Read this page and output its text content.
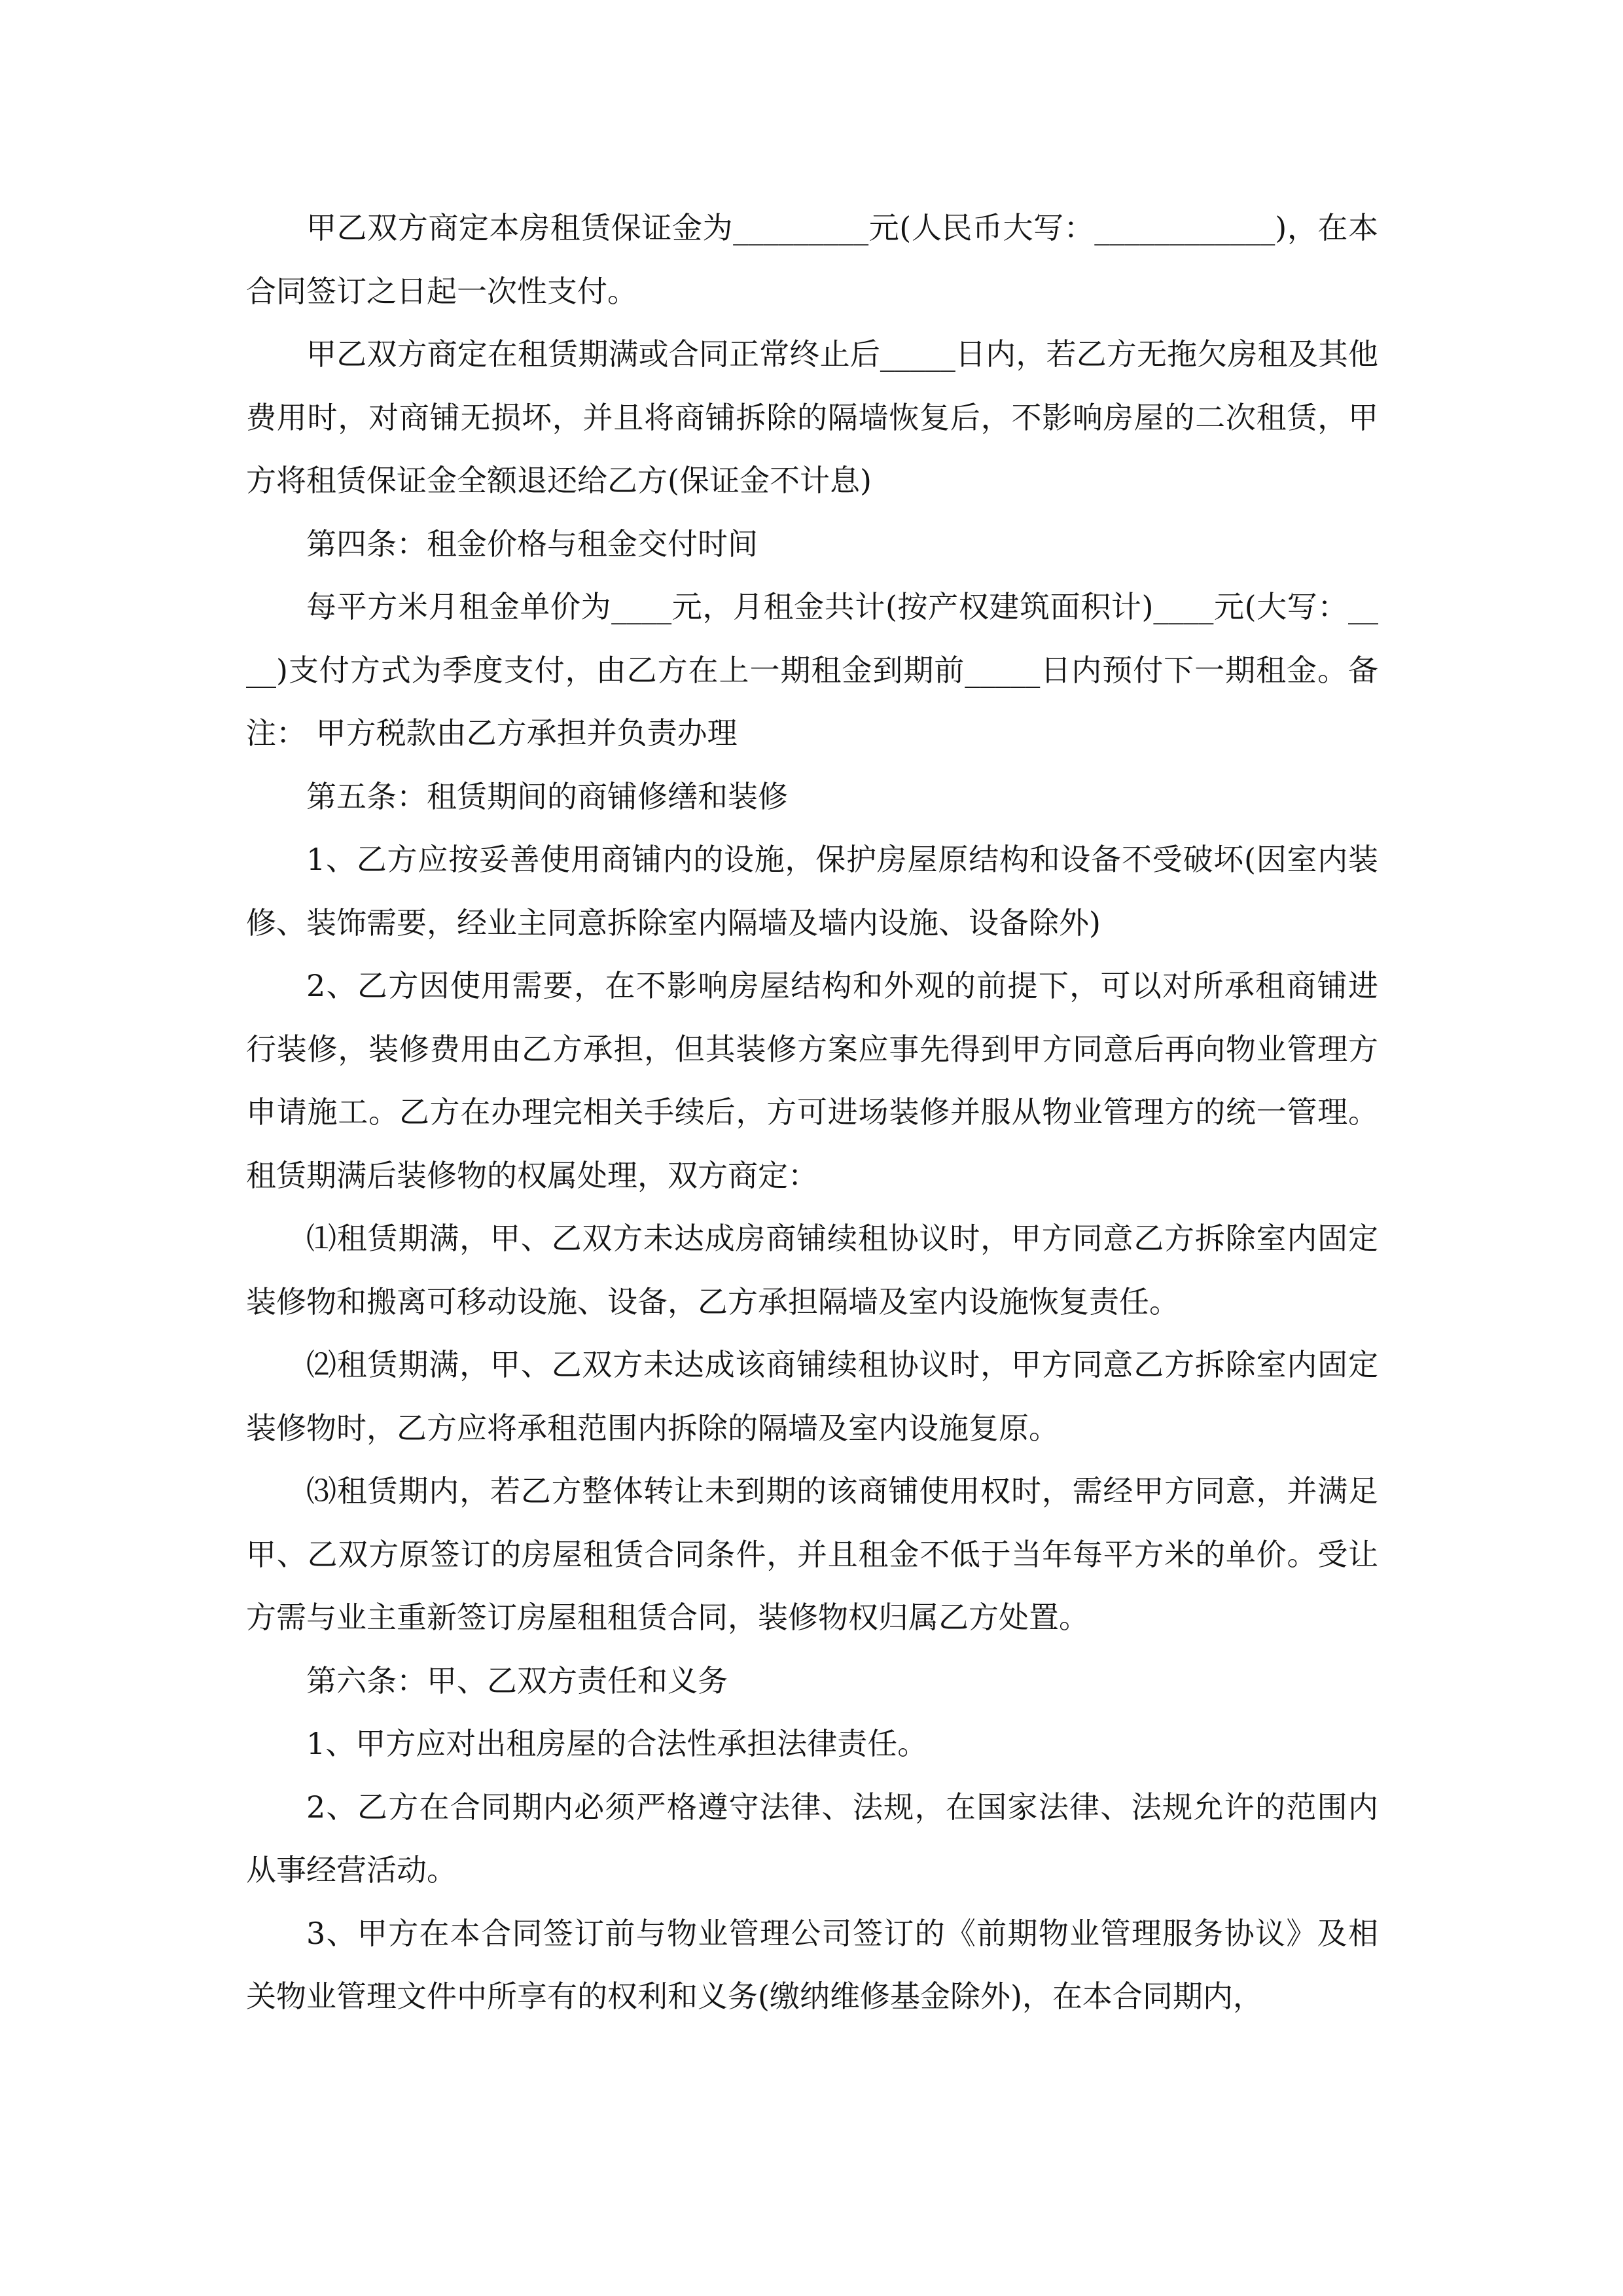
甲乙双方商定本房租赁保证金为_________元(人民币大写：____________)，在本合同签订之日起一次性支付。

甲乙双方商定在租赁期满或合同正常终止后_____日内，若乙方无拖欠房租及其他费用时，对商铺无损坏，并且将商铺拆除的隔墙恢复后，不影响房屋的二次租赁，甲方将租赁保证金全额退还给乙方(保证金不计息)

第四条：租金价格与租金交付时间

每平方米月租金单价为____元，月租金共计(按产权建筑面积计)____元(大写：____)支付方式为季度支付，由乙方在上一期租金到期前_____日内预付下一期租金。备注： 甲方税款由乙方承担并负责办理

第五条：租赁期间的商铺修缮和装修

1、乙方应按妥善使用商铺内的设施，保护房屋原结构和设备不受破坏(因室内装修、装饰需要，经业主同意拆除室内隔墙及墙内设施、设备除外)

2、乙方因使用需要，在不影响房屋结构和外观的前提下，可以对所承租商铺进行装修，装修费用由乙方承担，但其装修方案应事先得到甲方同意后再向物业管理方申请施工。乙方在办理完相关手续后，方可进场装修并服从物业管理方的统一管理。租赁期满后装修物的权属处理，双方商定：

⑴租赁期满，甲、乙双方未达成房商铺续租协议时，甲方同意乙方拆除室内固定装修物和搬离可移动设施、设备，乙方承担隔墙及室内设施恢复责任。

⑵租赁期满，甲、乙双方未达成该商铺续租协议时，甲方同意乙方拆除室内固定装修物时，乙方应将承租范围内拆除的隔墙及室内设施复原。

⑶租赁期内，若乙方整体转让未到期的该商铺使用权时，需经甲方同意，并满足甲、乙双方原签订的房屋租赁合同条件，并且租金不低于当年每平方米的单价。受让方需与业主重新签订房屋租租赁合同，装修物权归属乙方处置。

第六条：甲、乙双方责任和义务

1、甲方应对出租房屋的合法性承担法律责任。

2、乙方在合同期内必须严格遵守法律、法规，在国家法律、法规允许的范围内从事经营活动。

3、甲方在本合同签订前与物业管理公司签订的《前期物业管理服务协议》及相关物业管理文件中所享有的权利和义务(缴纳维修基金除外)，在本合同期内，
